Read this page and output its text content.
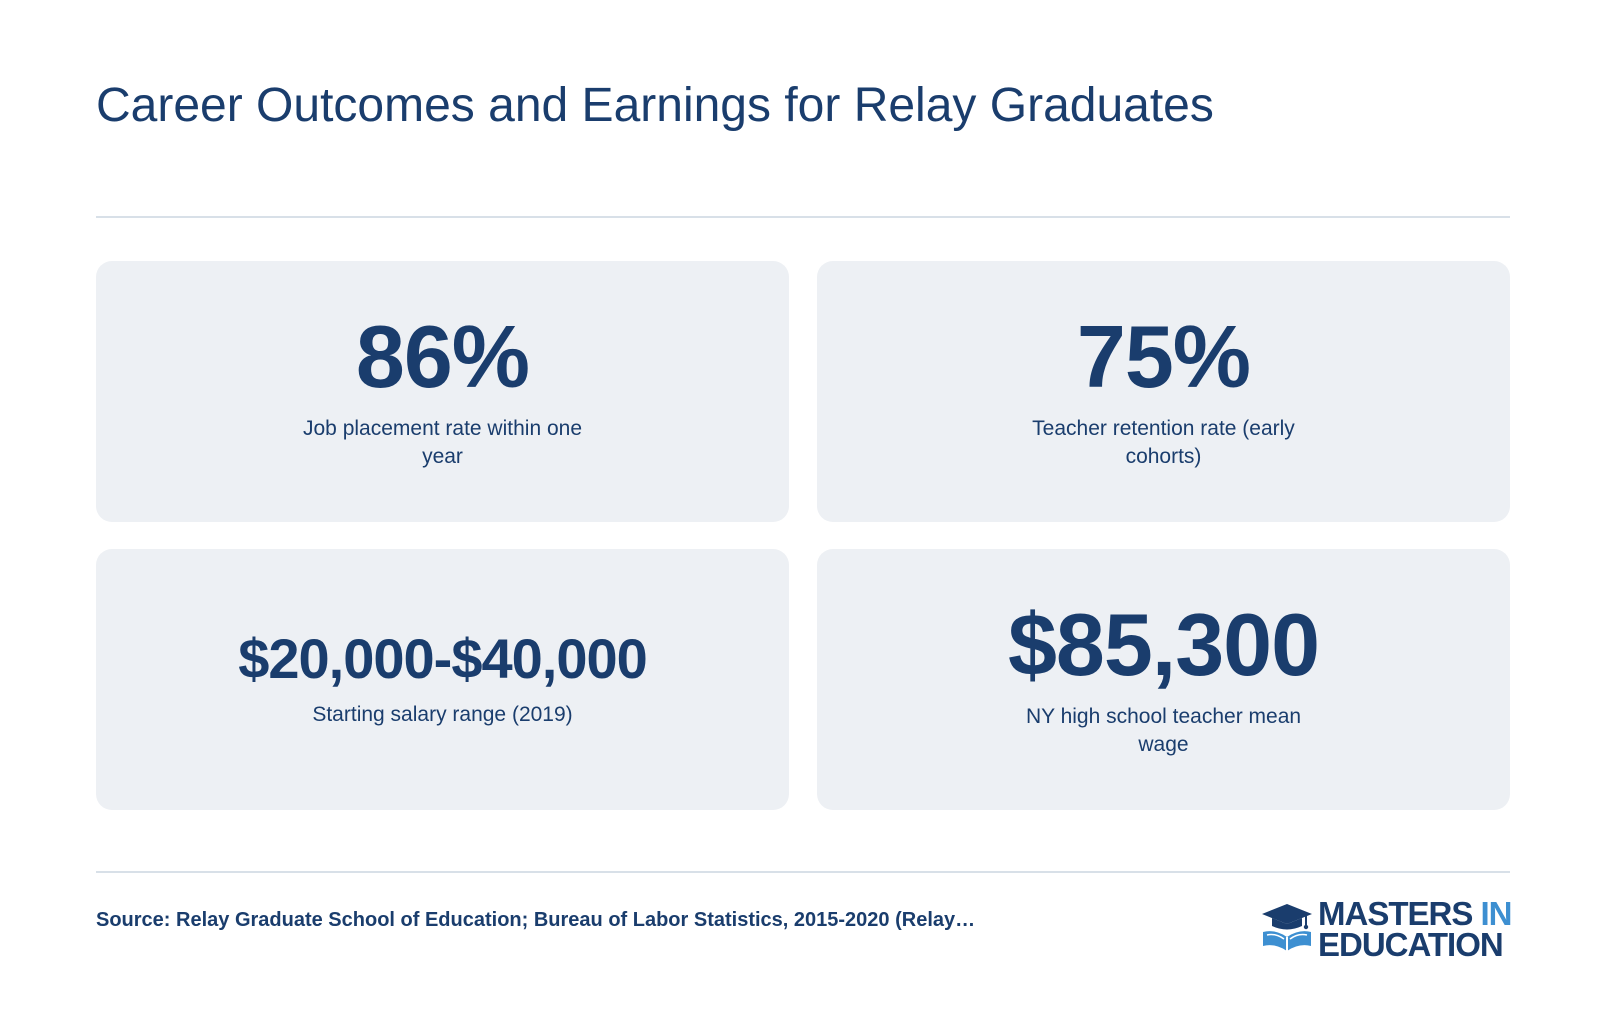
Career Outcomes and Earnings for Relay Graduates
86%
Job placement rate within one year
75%
Teacher retention rate (early cohorts)
$20,000-$40,000
Starting salary range (2019)
$85,300
NY high school teacher mean wage
Source: Relay Graduate School of Education; Bureau of Labor Statistics, 2015-2020 (Relay…	MASTERS IN
EDUCATION
